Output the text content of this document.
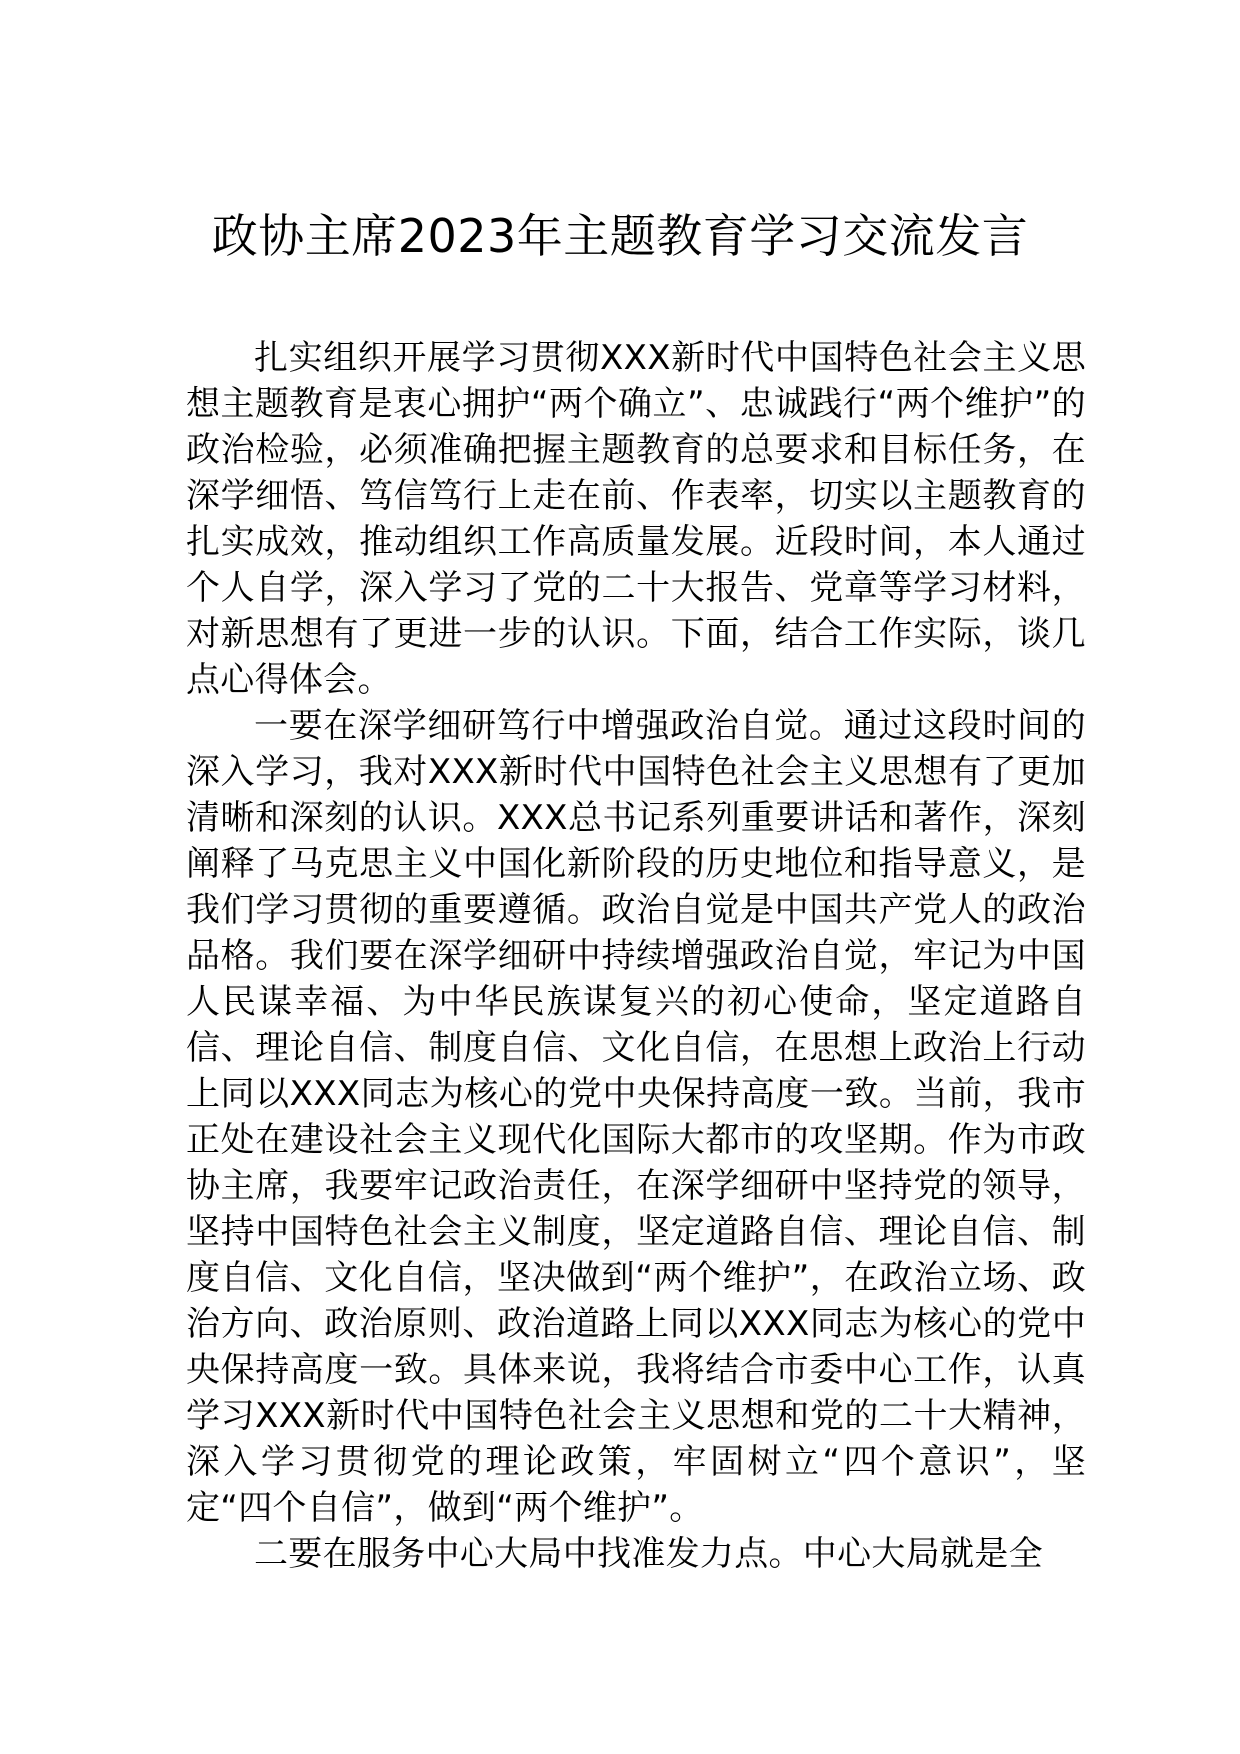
政协主席2023年主题教育学习交流发言

扎实组织开展学习贯彻XXX新时代中国特色社会主义思想主题教育是衷心拥护“两个确立”、忠诚践行“两个维护”的政治检验，必须准确把握主题教育的总要求和目标任务，在深学细悟、笃信笃行上走在前、作表率，切实以主题教育的扎实成效，推动组织工作高质量发展。近段时间，本人通过个人自学，深入学习了党的二十大报告、党章等学习材料，对新思想有了更进一步的认识。下面，结合工作实际，谈几点心得体会。

一要在深学细研笃行中增强政治自觉。通过这段时间的深入学习，我对XXX新时代中国特色社会主义思想有了更加清晰和深刻的认识。XXX总书记系列重要讲话和著作，深刻阐释了马克思主义中国化新阶段的历史地位和指导意义，是我们学习贯彻的重要遵循。政治自觉是中国共产党人的政治品格。我们要在深学细研中持续增强政治自觉，牢记为中国人民谋幸福、为中华民族谋复兴的初心使命，坚定道路自信、理论自信、制度自信、文化自信，在思想上政治上行动上同以XXX同志为核心的党中央保持高度一致。当前，我市正处在建设社会主义现代化国际大都市的攻坚期。作为市政协主席，我要牢记政治责任，在深学细研中坚持党的领导，坚持中国特色社会主义制度，坚定道路自信、理论自信、制度自信、文化自信，坚决做到“两个维护”，在政治立场、政治方向、政治原则、政治道路上同以XXX同志为核心的党中央保持高度一致。具体来说，我将结合市委中心工作，认真学习XXX新时代中国特色社会主义思想和党的二十大精神，深入学习贯彻党的理论政策，牢固树立“四个意识”，坚定“四个自信”，做到“两个维护”。

二要在服务中心大局中找准发力点。中心大局就是全
